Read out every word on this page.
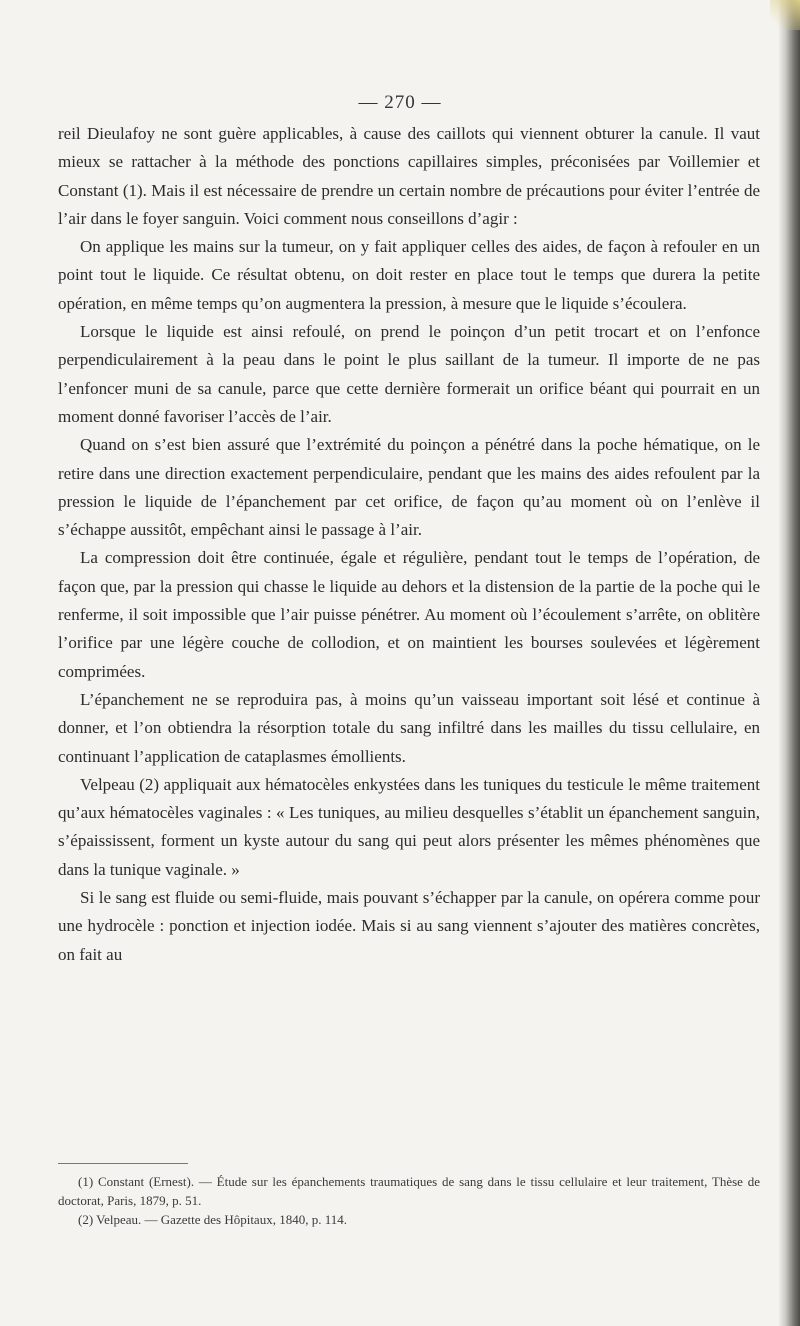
— 270 —

reil Dieulafoy ne sont guère applicables, à cause des caillots qui viennent obturer la canule. Il vaut mieux se rattacher à la méthode des ponctions capillaires simples, préconisées par Voillemier et Constant (1). Mais il est nécessaire de prendre un certain nombre de précautions pour éviter l’entrée de l’air dans le foyer sanguin. Voici comment nous conseillons d’agir :

On applique les mains sur la tumeur, on y fait appliquer celles des aides, de façon à refouler en un point tout le liquide. Ce résultat obtenu, on doit rester en place tout le temps que durera la petite opération, en même temps qu’on augmentera la pression, à mesure que le liquide s’écoulera.

Lorsque le liquide est ainsi refoulé, on prend le poinçon d’un petit trocart et on l’enfonce perpendiculairement à la peau dans le point le plus saillant de la tumeur. Il importe de ne pas l’enfoncer muni de sa canule, parce que cette dernière formerait un orifice béant qui pourrait en un moment donné favoriser l’accès de l’air.

Quand on s’est bien assuré que l’extrémité du poinçon a pénétré dans la poche hématique, on le retire dans une direction exactement perpendiculaire, pendant que les mains des aides refoulent par la pression le liquide de l’épanchement par cet orifice, de façon qu’au moment où on l’enlève il s’échappe aussitôt, empêchant ainsi le passage à l’air.

La compression doit être continuée, égale et régulière, pendant tout le temps de l’opération, de façon que, par la pression qui chasse le liquide au dehors et la distension de la partie de la poche qui le renferme, il soit impossible que l’air puisse pénétrer. Au moment où l’écoulement s’arrête, on oblitère l’orifice par une légère couche de collodion, et on maintient les bourses soulevées et légèrement comprimées.

L’épanchement ne se reproduira pas, à moins qu’un vaisseau important soit lésé et continue à donner, et l’on obtiendra la résorption totale du sang infiltré dans les mailles du tissu cellulaire, en continuant l’application de cataplasmes émollients.

Velpeau (2) appliquait aux hématocèles enkystées dans les tuniques du testicule le même traitement qu’aux hématocèles vaginales : « Les tuniques, au milieu desquelles s’établit un épanchement sanguin, s’épaississent, forment un kyste autour du sang qui peut alors présenter les mêmes phénomènes que dans la tunique vaginale. »

Si le sang est fluide ou semi-fluide, mais pouvant s’échapper par la canule, on opérera comme pour une hydrocèle : ponction et injection iodée. Mais si au sang viennent s’ajouter des matières concrètes, on fait au

(1) Constant (Ernest). — Étude sur les épanchements traumatiques de sang dans le tissu cellulaire et leur traitement, Thèse de doctorat, Paris, 1879, p. 51.

(2) Velpeau. — Gazette des Hôpitaux, 1840, p. 114.
